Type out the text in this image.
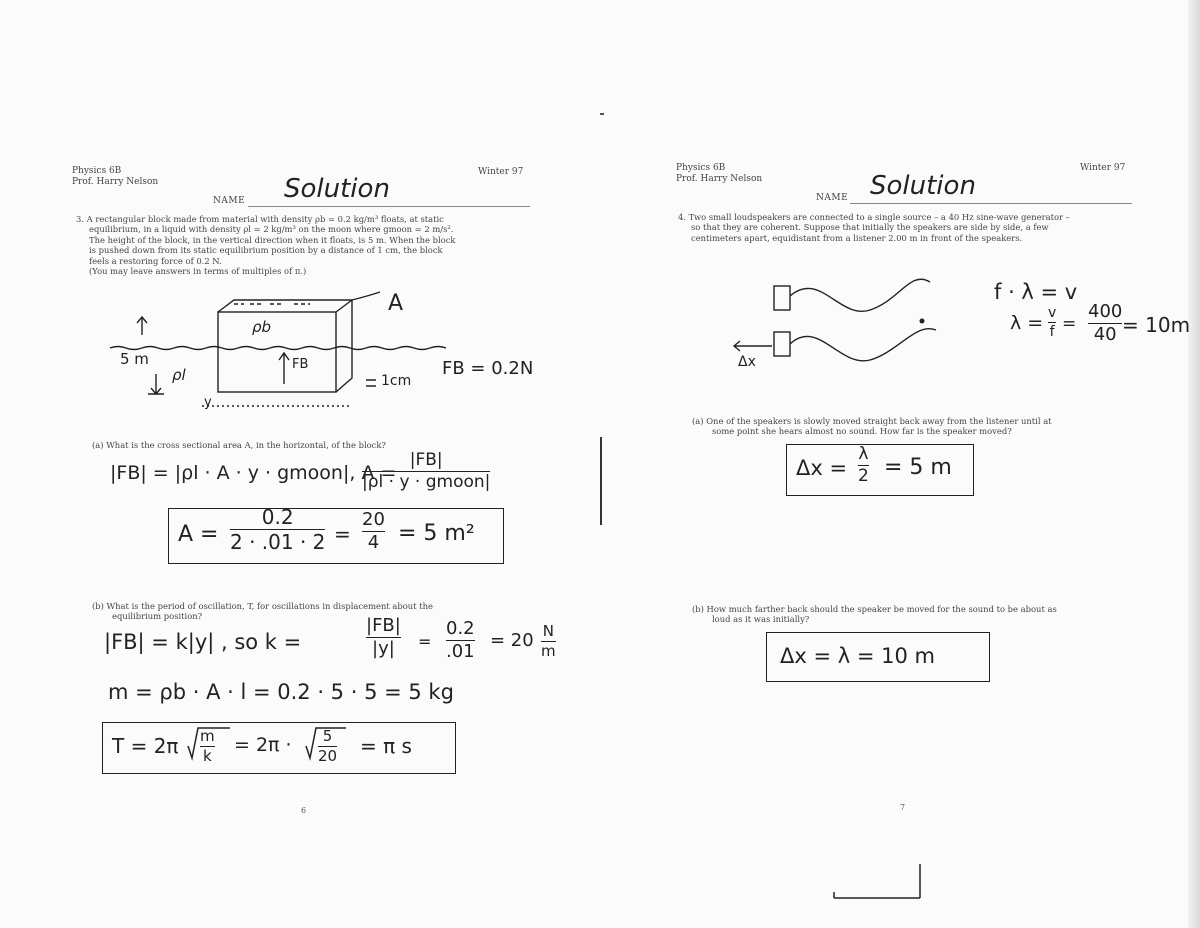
Physics 6B
Prof. Harry Nelson
Winter 97
NAME Solution
3. A rectangular block made from material with density ρb = 0.2 kg/m³ floats, at static
equilibrium, in a liquid with density ρl = 2 kg/m³ on the moon where gmoon = 2 m/s².
The height of the block, in the vertical direction when it floats, is 5 m. When the block
is pushed down from its static equilibrium position by a distance of 1 cm, the block
feels a restoring force of 0.2 N.
(You may leave answers in terms of multiples of π.)
A
ρb
5 m
ρl
FB
y
1cm
FB = 0.2N
(a) What is the cross sectional area A, in the horizontal, of the block?
|FB| = |ρl · A · y · gmoon|, A =
|FB|
|ρl · y · gmoon|
A =
0.2
2 · .01 · 2 =
20
4 = 5 m²
(b) What is the period of oscillation, T, for oscillations in displacement about the
equilibrium position?
|FB| = k|y| , so k =
|FB|
|y|	=
0.2
.01
= 20 N
m
m = ρb · A · l = 0.2 · 5 · 5 = 5 kg
T = 2π m
k = 2π ·	5
20 = π s
6
Physics 6B
Prof. Harry Nelson
Winter 97
NAME Solution
4. Two small loudspeakers are connected to a single source – a 40 Hz sine-wave generator –
so that they are coherent. Suppose that initially the speakers are side by side, a few
centimeters apart, equidistant from a listener 2.00 m in front of the speakers.
Δx
f · λ = v
λ = v
f =
400
40 = 10m
(a) One of the speakers is slowly moved straight back away from the listener until at
some point she hears almost no sound. How far is the speaker moved?
Δx =
λ
2 = 5 m
(b) How much farther back should the speaker be moved for the sound to be about as
loud as it was initially?
Δx = λ = 10 m
7
